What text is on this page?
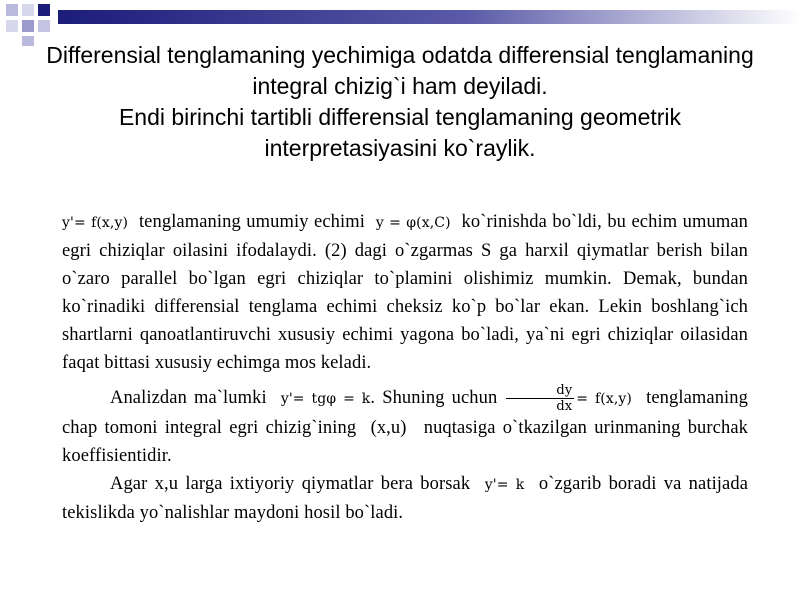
Differensial tenglamaning yechimiga odatda differensial tenglamaning integral chizig`i ham deyiladi.

Endi birinchi tartibli differensial tenglamaning geometrik interpretasiyasini ko`raylik.

y'= f(x,y) tenglamaning umumiy echimi y = φ(x,C) ko`rinishda bo`ldi, bu echim umuman egri chiziqlar oilasini ifodalaydi. (2) dagi o`zgarmas S ga harxil qiymatlar berish bilan o`zaro parallel bo`lgan egri chiziqlar to`plamini olishimiz mumkin. Demak, bundan ko`rinadiki differensial tenglama echimi cheksiz ko`p bo`lar ekan. Lekin boshlang`ich shartlarni qanoatlantiruvchi xususiy echimi yagona bo`ladi, ya`ni egri chiziqlar oilasidan faqat bittasi xususiy echimga mos keladi.

Analizdan ma`lumki y'= tgφ = k. Shuning uchun $\frac{dy}{dx} = f(x,y)$ tenglamaning chap tomoni integral egri chizig`ining (x,u) nuqtasiga o`tkazilgan urinmaning burchak koeffisientidir.

Agar x,u larga ixtiyoriy qiymatlar bera borsak y'= k o`zgarib boradi va natijada tekislikda yo`nalishlar maydoni hosil bo`ladi.
